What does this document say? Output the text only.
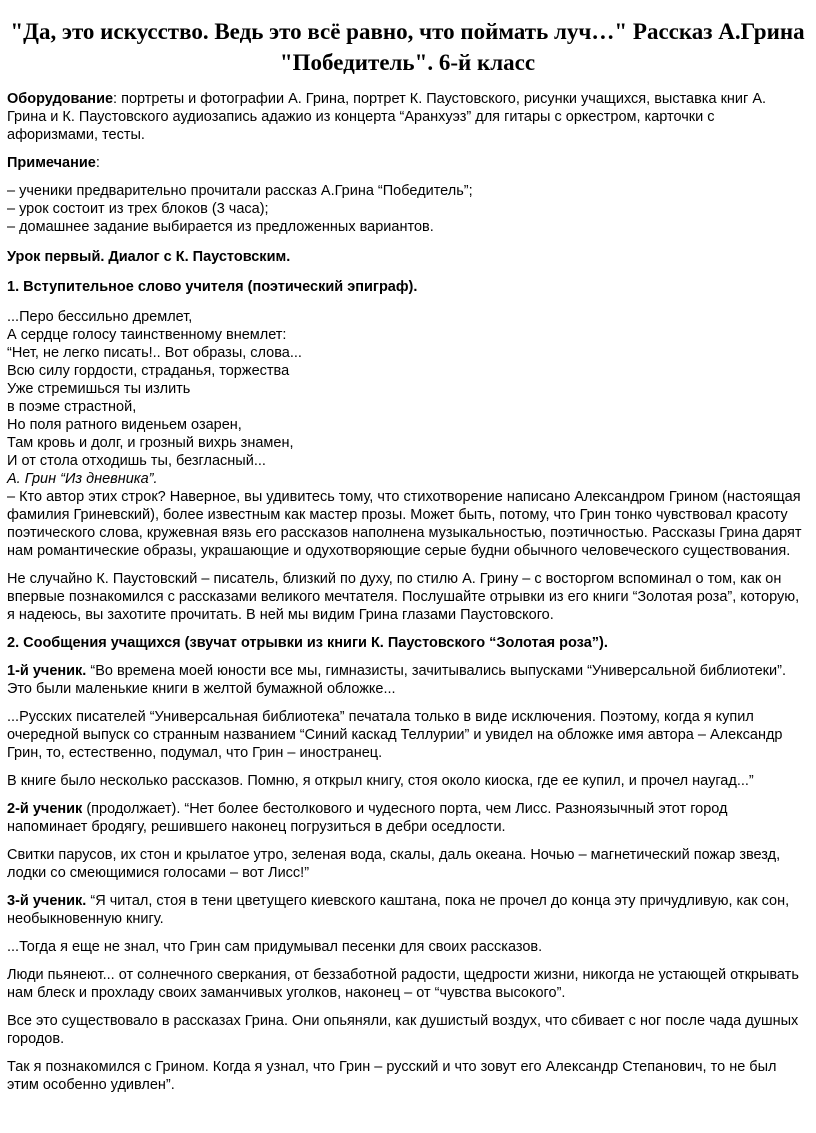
"Да, это искусство. Ведь это всё равно, что поймать луч…" Рассказ А.Грина "Победитель". 6-й класс

Оборудование: портреты и фотографии А. Грина, портрет К. Паустовского, рисунки учащихся, выставка книг А. Грина и К. Паустовского аудиозапись адажио из концерта “Аранхуэз” для гитары с оркестром, карточки с афоризмами, тесты.

Примечание:

– ученики предварительно прочитали рассказ А.Грина “Победитель”;
– урок состоит из трех блоков (3 часа);
– домашнее задание выбирается из предложенных вариантов.

Урок первый. Диалог с К. Паустовским.

1. Вступительное слово учителя (поэтический эпиграф).

...Перо бессильно дремлет,
А сердце голосу таинственному внемлет:
“Нет, не легко писать!.. Вот образы, слова...
Всю силу гордости, страданья, торжества
Уже стремишься ты излить
в поэме страстной,
Но поля ратного виденьем озарен,
Там кровь и долг, и грозный вихрь знамен,
И от стола отходишь ты, безгласный...
А. Грин “Из дневника”.

– Кто автор этих строк? Наверное, вы удивитесь тому, что стихотворение написано Александром Грином (настоящая фамилия Гриневский), более известным как мастер прозы. Может быть, потому, что Грин тонко чувствовал красоту поэтического слова, кружевная вязь его рассказов наполнена музыкальностью, поэтичностью. Рассказы Грина дарят нам романтические образы, украшающие и одухотворяющие серые будни обычного человеческого существования.

Не случайно К. Паустовский – писатель, близкий по духу, по стилю А. Грину – с восторгом вспоминал о том, как он впервые познакомился с рассказами великого мечтателя. Послушайте отрывки из его книги “Золотая роза”, которую, я надеюсь, вы захотите прочитать. В ней мы видим Грина глазами Паустовского.

2. Сообщения учащихся (звучат отрывки из книги К. Паустовского “Золотая роза”).

1-й ученик. “Во времена моей юности все мы, гимназисты, зачитывались выпусками “Универсальной библиотеки”. Это были маленькие книги в желтой бумажной обложке...

...Русских писателей “Универсальная библиотека” печатала только в виде исключения. Поэтому, когда я купил очередной выпуск со странным названием “Синий каскад Теллурии” и увидел на обложке имя автора – Александр Грин, то, естественно, подумал, что Грин – иностранец.

В книге было несколько рассказов. Помню, я открыл книгу, стоя около киоска, где ее купил, и прочел наугад...”

2-й ученик (продолжает). “Нет более бестолкового и чудесного порта, чем Лисс. Разноязычный этот город напоминает бродягу, решившего наконец погрузиться в дебри оседлости.

Свитки парусов, их стон и крылатое утро, зеленая вода, скалы, даль океана. Ночью – магнетический пожар звезд, лодки со смеющимися голосами – вот Лисс!”

3-й ученик. “Я читал, стоя в тени цветущего киевского каштана, пока не прочел до конца эту причудливую, как сон, необыкновенную книгу.

...Тогда я еще не знал, что Грин сам придумывал песенки для своих рассказов.

Люди пьянеют... от солнечного сверкания, от беззаботной радости, щедрости жизни, никогда не устающей открывать нам блеск и прохладу своих заманчивых уголков, наконец – от “чувства высокого”.

Все это существовало в рассказах Грина. Они опьяняли, как душистый воздух, что сбивает с ног после чада душных городов.

Так я познакомился с Грином. Когда я узнал, что Грин – русский и что зовут его Александр Степанович, то не был этим особенно удивлен”.
